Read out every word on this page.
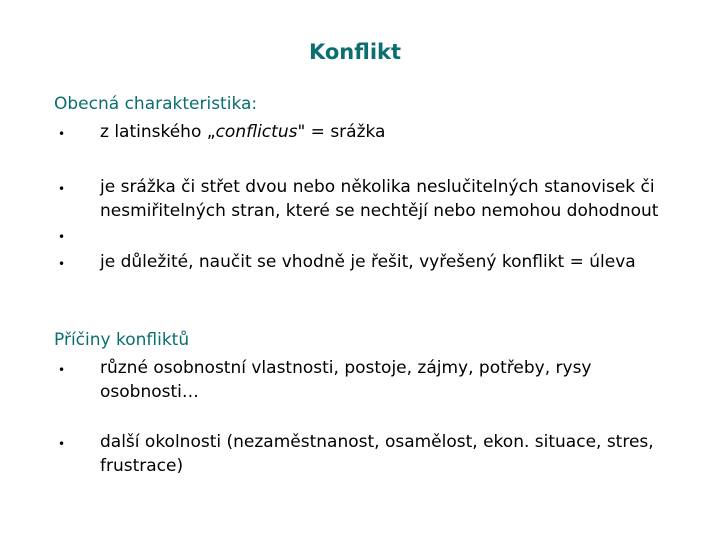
Konflikt
Obecná charakteristika:
• z latinského „conflictus" = srážka
• je srážka či střet dvou nebo několika neslučitelných stanovisek či nesmiřitelných stran, které se nechtějí nebo nemohou dohodnout
•
• je důležité, naučit se vhodně je řešit, vyřešený konflikt = úleva
Příčiny konfliktů
• různé osobnostní vlastnosti, postoje, zájmy, potřeby, rysy osobnosti…
• další okolnosti (nezaměstnanost, osamělost, ekon. situace, stres, frustrace)
